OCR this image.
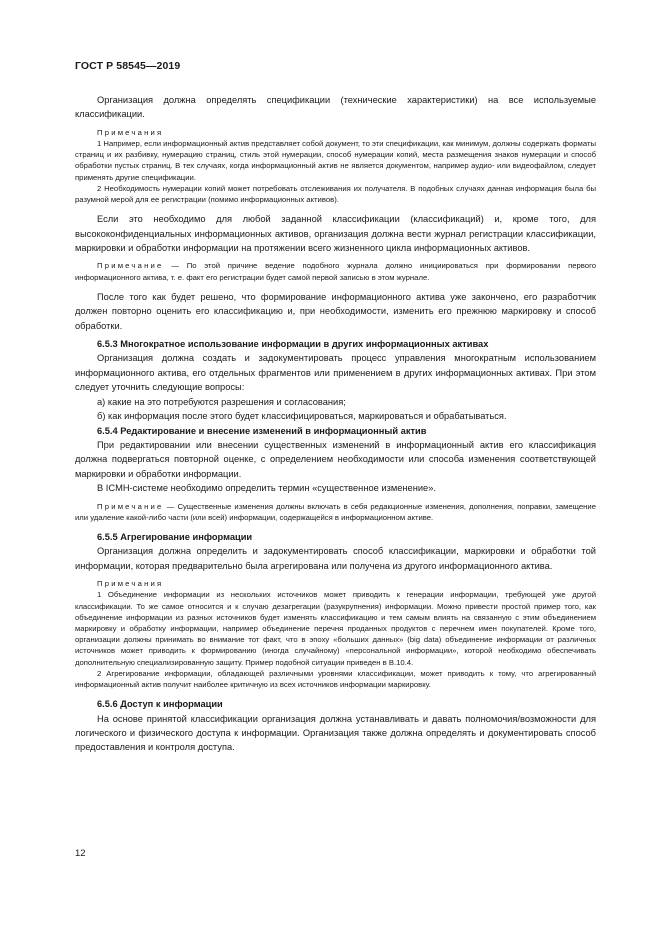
ГОСТ Р 58545—2019

Организация должна определять спецификации (технические характеристики) на все используемые классификации.

Примечания

1 Например, если информационный актив представляет собой документ, то эти спецификации, как минимум, должны содержать форматы страниц и их разбивку, нумерацию страниц, стиль этой нумерации, способ нумерации копий, места размещения знаков нумерации и способ обработки пустых страниц. В тех случаях, когда информационный актив не является документом, например аудио- или видеофайлом, следует применять другие спецификации.

2 Необходимость нумерации копий может потребовать отслеживания их получателя. В подобных случаях данная информация была бы разумной мерой для ее регистрации (помимо информационных активов).

Если это необходимо для любой заданной классификации (классификаций) и, кроме того, для высококонфиденциальных информационных активов, организация должна вести журнал регистрации классификации, маркировки и обработки информации на протяжении всего жизненного цикла информационных активов.

Примечание — По этой причине ведение подобного журнала должно инициироваться при формировании первого информационного актива, т. е. факт его регистрации будет самой первой записью в этом журнале.

После того как будет решено, что формирование информационного актива уже закончено, его разработчик должен повторно оценить его классификацию и, при необходимости, изменить его прежнюю маркировку и способ обработки.

6.5.3 Многократное использование информации в других информационных активах

Организация должна создать и задокументировать процесс управления многократным использованием информационного актива, его отдельных фрагментов или применением в других информационных активах. При этом следует уточнить следующие вопросы:

а) какие на это потребуются разрешения и согласования;

б) как информация после этого будет классифицироваться, маркироваться и обрабатываться.

6.5.4 Редактирование и внесение изменений в информационный актив

При редактировании или внесении существенных изменений в информационный актив его классификация должна подвергаться повторной оценке, с определением необходимости или способа изменения соответствующей маркировки и обработки информации.

В ICMH-системе необходимо определить термин «существенное изменение».

Примечание — Существенные изменения должны включать в себя редакционные изменения, дополнения, поправки, замещение или удаление какой-либо части (или всей) информации, содержащейся в информационном активе.

6.5.5 Агрегирование информации

Организация должна определить и задокументировать способ классификации, маркировки и обработки той информации, которая предварительно была агрегирована или получена из другого информационного актива.

Примечания

1 Объединение информации из нескольких источников может приводить к генерации информации, требующей уже другой классификации. То же самое относится и к случаю дезагрегации (разукрупнения) информации. Можно привести простой пример того, как объединение информации из разных источников будет изменять классификацию и тем самым влиять на связанную с этим объединением маркировку и обработку информации, например объединение перечня проданных продуктов с перечнем имен покупателей. Кроме того, организации должны принимать во внимание тот факт, что в эпоху «больших данных» (big data) объединение информации от различных источников может приводить к формированию (иногда случайному) «персональной информации», которой необходимо обеспечивать дополнительную специализированную защиту. Пример подобной ситуации приведен в В.10.4.

2 Агрегирование информации, обладающей различными уровнями классификации, может приводить к тому, что агрегированный информационный актив получит наиболее критичную из всех источников информации маркировку.

6.5.6 Доступ к информации

На основе принятой классификации организация должна устанавливать и давать полномочия/возможности для логического и физического доступа к информации. Организация также должна определять и документировать способ предоставления и контроля доступа.

12
